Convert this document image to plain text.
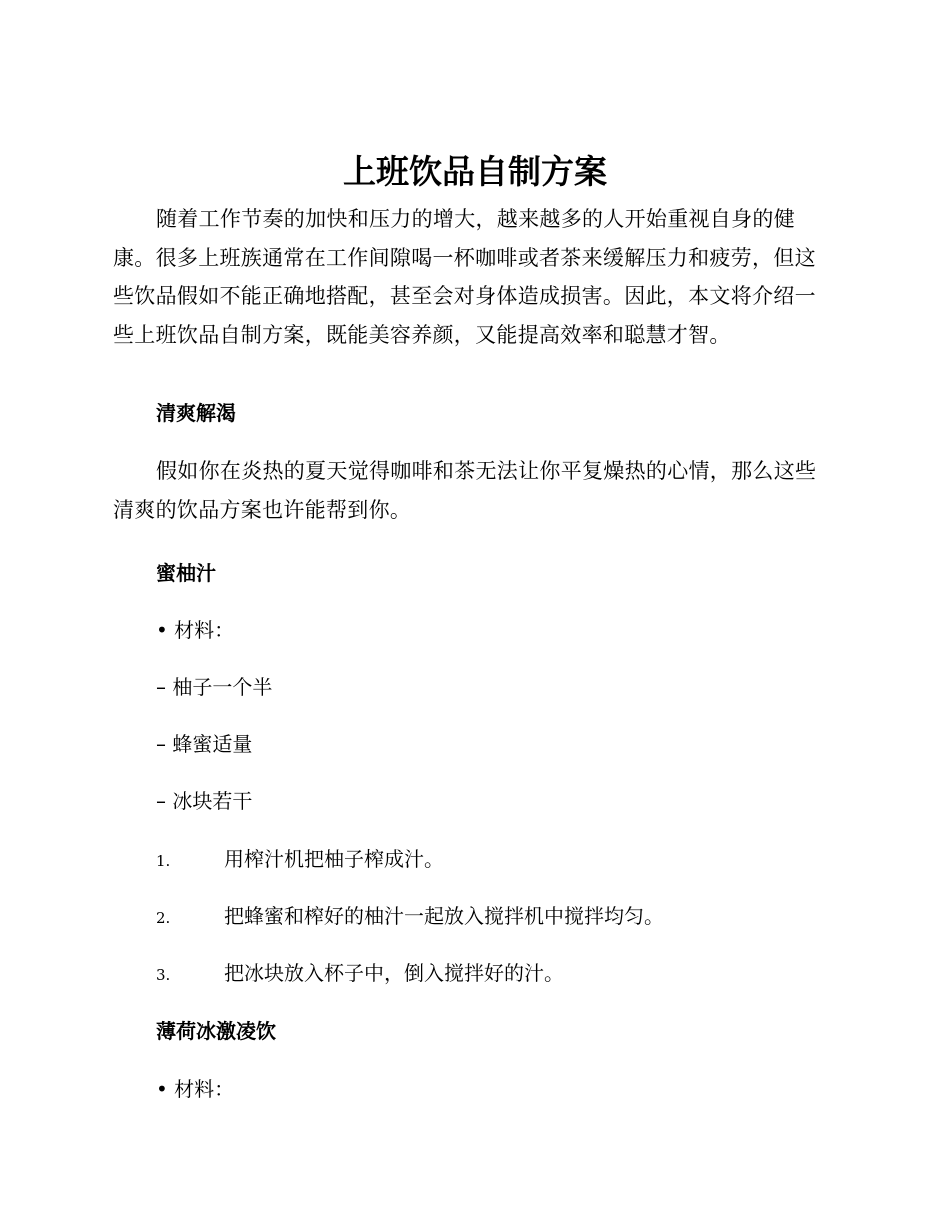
上班饮品自制方案

随着工作节奏的加快和压力的增大，越来越多的人开始重视自身的健康。很多上班族通常在工作间隙喝一杯咖啡或者茶来缓解压力和疲劳，但这些饮品假如不能正确地搭配，甚至会对身体造成损害。因此，本文将介绍一些上班饮品自制方案，既能美容养颜，又能提高效率和聪慧才智。

清爽解渴

假如你在炎热的夏天觉得咖啡和茶无法让你平复燥热的心情，那么这些清爽的饮品方案也许能帮到你。

蜜柚汁
• 材料：
– 柚子一个半
– 蜂蜜适量
– 冰块若干
1.	用榨汁机把柚子榨成汁。
2.	把蜂蜜和榨好的柚汁一起放入搅拌机中搅拌均匀。
3.	把冰块放入杯子中，倒入搅拌好的汁。
薄荷冰激凌饮
• 材料：
